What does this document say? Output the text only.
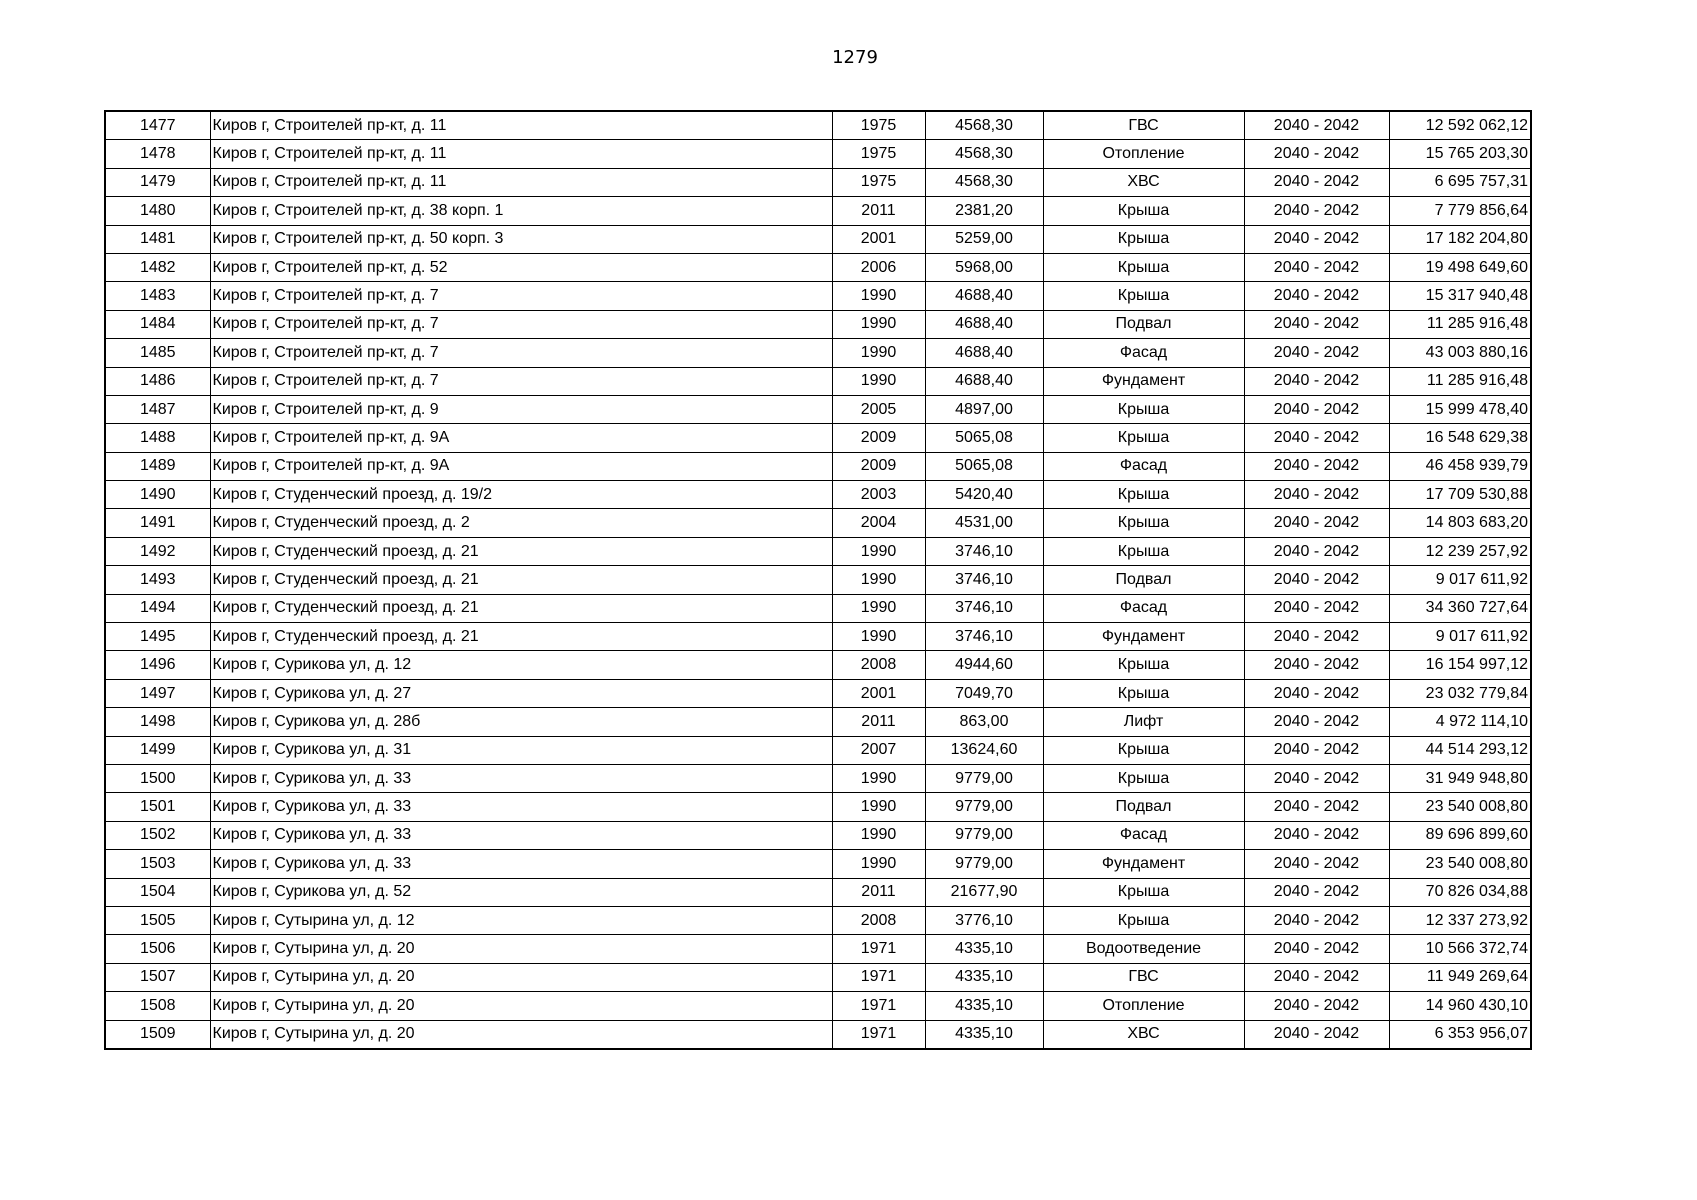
1279
1477	Киров г, Строителей пр-кт, д. 11	1975	4568,30	ГВС	2040 - 2042	12 592 062,12
1478	Киров г, Строителей пр-кт, д. 11	1975	4568,30	Отопление	2040 - 2042	15 765 203,30
1479	Киров г, Строителей пр-кт, д. 11	1975	4568,30	ХВС	2040 - 2042	6 695 757,31
1480	Киров г, Строителей пр-кт, д. 38 корп. 1	2011	2381,20	Крыша	2040 - 2042	7 779 856,64
1481	Киров г, Строителей пр-кт, д. 50 корп. 3	2001	5259,00	Крыша	2040 - 2042	17 182 204,80
1482	Киров г, Строителей пр-кт, д. 52	2006	5968,00	Крыша	2040 - 2042	19 498 649,60
1483	Киров г, Строителей пр-кт, д. 7	1990	4688,40	Крыша	2040 - 2042	15 317 940,48
1484	Киров г, Строителей пр-кт, д. 7	1990	4688,40	Подвал	2040 - 2042	11 285 916,48
1485	Киров г, Строителей пр-кт, д. 7	1990	4688,40	Фасад	2040 - 2042	43 003 880,16
1486	Киров г, Строителей пр-кт, д. 7	1990	4688,40	Фундамент	2040 - 2042	11 285 916,48
1487	Киров г, Строителей пр-кт, д. 9	2005	4897,00	Крыша	2040 - 2042	15 999 478,40
1488	Киров г, Строителей пр-кт, д. 9А	2009	5065,08	Крыша	2040 - 2042	16 548 629,38
1489	Киров г, Строителей пр-кт, д. 9А	2009	5065,08	Фасад	2040 - 2042	46 458 939,79
1490	Киров г, Студенческий проезд, д. 19/2	2003	5420,40	Крыша	2040 - 2042	17 709 530,88
1491	Киров г, Студенческий проезд, д. 2	2004	4531,00	Крыша	2040 - 2042	14 803 683,20
1492	Киров г, Студенческий проезд, д. 21	1990	3746,10	Крыша	2040 - 2042	12 239 257,92
1493	Киров г, Студенческий проезд, д. 21	1990	3746,10	Подвал	2040 - 2042	9 017 611,92
1494	Киров г, Студенческий проезд, д. 21	1990	3746,10	Фасад	2040 - 2042	34 360 727,64
1495	Киров г, Студенческий проезд, д. 21	1990	3746,10	Фундамент	2040 - 2042	9 017 611,92
1496	Киров г, Сурикова ул, д. 12	2008	4944,60	Крыша	2040 - 2042	16 154 997,12
1497	Киров г, Сурикова ул, д. 27	2001	7049,70	Крыша	2040 - 2042	23 032 779,84
1498	Киров г, Сурикова ул, д. 28б	2011	863,00	Лифт	2040 - 2042	4 972 114,10
1499	Киров г, Сурикова ул, д. 31	2007	13624,60	Крыша	2040 - 2042	44 514 293,12
1500	Киров г, Сурикова ул, д. 33	1990	9779,00	Крыша	2040 - 2042	31 949 948,80
1501	Киров г, Сурикова ул, д. 33	1990	9779,00	Подвал	2040 - 2042	23 540 008,80
1502	Киров г, Сурикова ул, д. 33	1990	9779,00	Фасад	2040 - 2042	89 696 899,60
1503	Киров г, Сурикова ул, д. 33	1990	9779,00	Фундамент	2040 - 2042	23 540 008,80
1504	Киров г, Сурикова ул, д. 52	2011	21677,90	Крыша	2040 - 2042	70 826 034,88
1505	Киров г, Сутырина ул, д. 12	2008	3776,10	Крыша	2040 - 2042	12 337 273,92
1506	Киров г, Сутырина ул, д. 20	1971	4335,10	Водоотведение	2040 - 2042	10 566 372,74
1507	Киров г, Сутырина ул, д. 20	1971	4335,10	ГВС	2040 - 2042	11 949 269,64
1508	Киров г, Сутырина ул, д. 20	1971	4335,10	Отопление	2040 - 2042	14 960 430,10
1509	Киров г, Сутырина ул, д. 20	1971	4335,10	ХВС	2040 - 2042	6 353 956,07
